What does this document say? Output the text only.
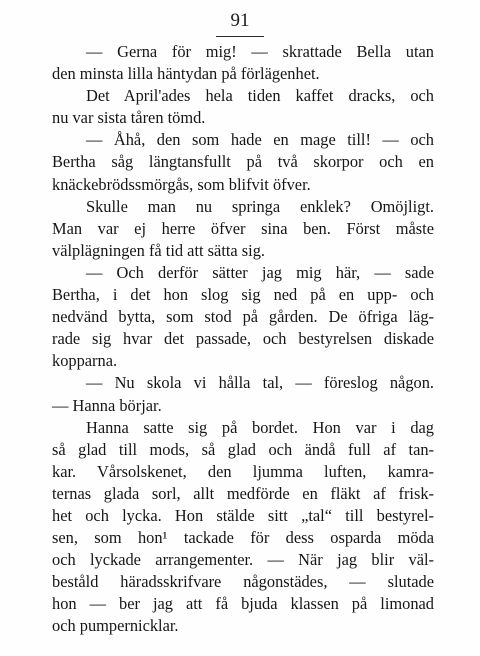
91
— Gerna för mig! — skrattade Bella utan
den minsta lilla häntydan på förlägenhet.
Det April'ades hela tiden kaffet dracks, och
nu var sista tåren tömd.
— Åhå, den som hade en mage till! — och
Bertha såg längtansfullt på två skorpor och en
knäckebrödssmörgås, som blifvit öfver.
Skulle man nu springa enklek? Omöjligt.
Man var ej herre öfver sina ben. Först måste
välplägningen få tid att sätta sig.
— Och derför sätter jag mig här, — sade
Bertha, i det hon slog sig ned på en upp- och
nedvänd bytta, som stod på gården. De öfriga läg-
rade sig hvar det passade, och bestyrelsen diskade
kopparna.
— Nu skola vi hålla tal, — föreslog någon.
— Hanna börjar.
Hanna satte sig på bordet. Hon var i dag
så glad till mods, så glad och ändå full af tan-
kar. Vårsolskenet, den ljumma luften, kamra-
ternas glada sorl, allt medförde en fläkt af frisk-
het och lycka. Hon stälde sitt „tal“ till bestyrel-
sen, som hon¹ tackade för dess osparda möda
och lyckade arrangementer. — När jag blir väl-
beståld häradsskrifvare någonstädes, — slutade
hon — ber jag att få bjuda klassen på limonad
och pumpernicklar.
